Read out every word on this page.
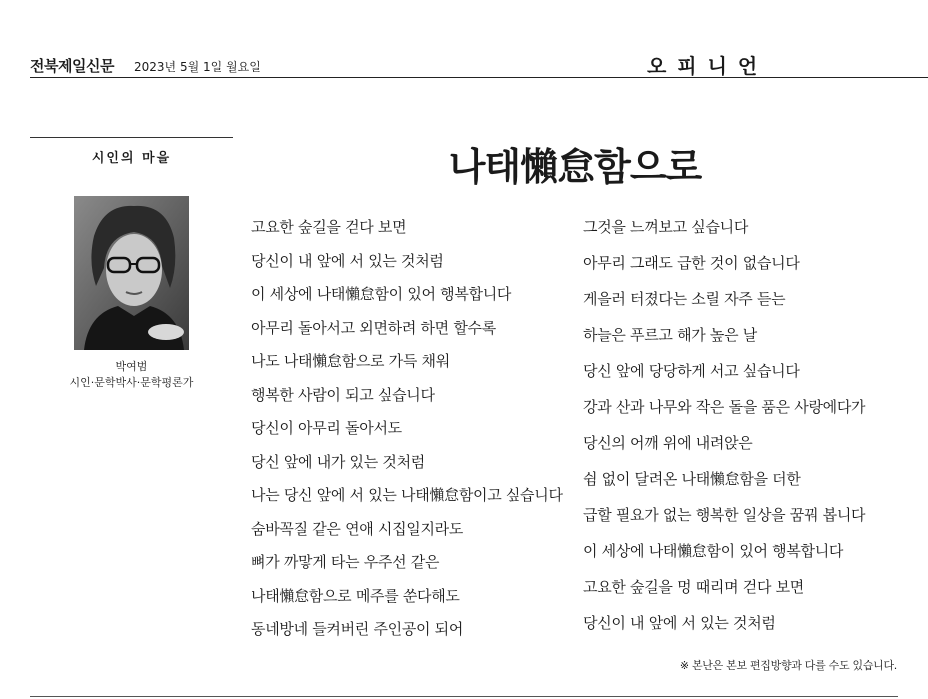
전북제일신문 2023년 5월 1일 월요일	오 피 니 언
시인의 마을
박여범
시인·문학박사·문학평론가
나태懶怠함으로
고요한 숲길을 걷다 보면
당신이 내 앞에 서 있는 것처럼
이 세상에 나태懶怠함이 있어 행복합니다
아무리 돌아서고 외면하려 하면 할수록
나도 나태懶怠함으로 가득 채워
행복한 사람이 되고 싶습니다
당신이 아무리 돌아서도
당신 앞에 내가 있는 것처럼
나는 당신 앞에 서 있는 나태懶怠함이고 싶습니다
숨바꼭질 같은 연애 시집일지라도
뼈가 까맣게 타는 우주선 같은
나태懶怠함으로 메주를 쑨다해도
동네방네 들켜버린 주인공이 되어
그것을 느껴보고 싶습니다
아무리 그래도 급한 것이 없습니다
게을러 터졌다는 소릴 자주 듣는
하늘은 푸르고 해가 높은 날
당신 앞에 당당하게 서고 싶습니다
강과 산과 나무와 작은 돌을 품은 사랑에다가
당신의 어깨 위에 내려앉은
쉼 없이 달려온 나태懶怠함을 더한
급할 필요가 없는 행복한 일상을 꿈꿔 봅니다
이 세상에 나태懶怠함이 있어 행복합니다
고요한 숲길을 멍 때리며 걷다 보면
당신이 내 앞에 서 있는 것처럼
※ 본난은 본보 편집방향과 다를 수도 있습니다.
